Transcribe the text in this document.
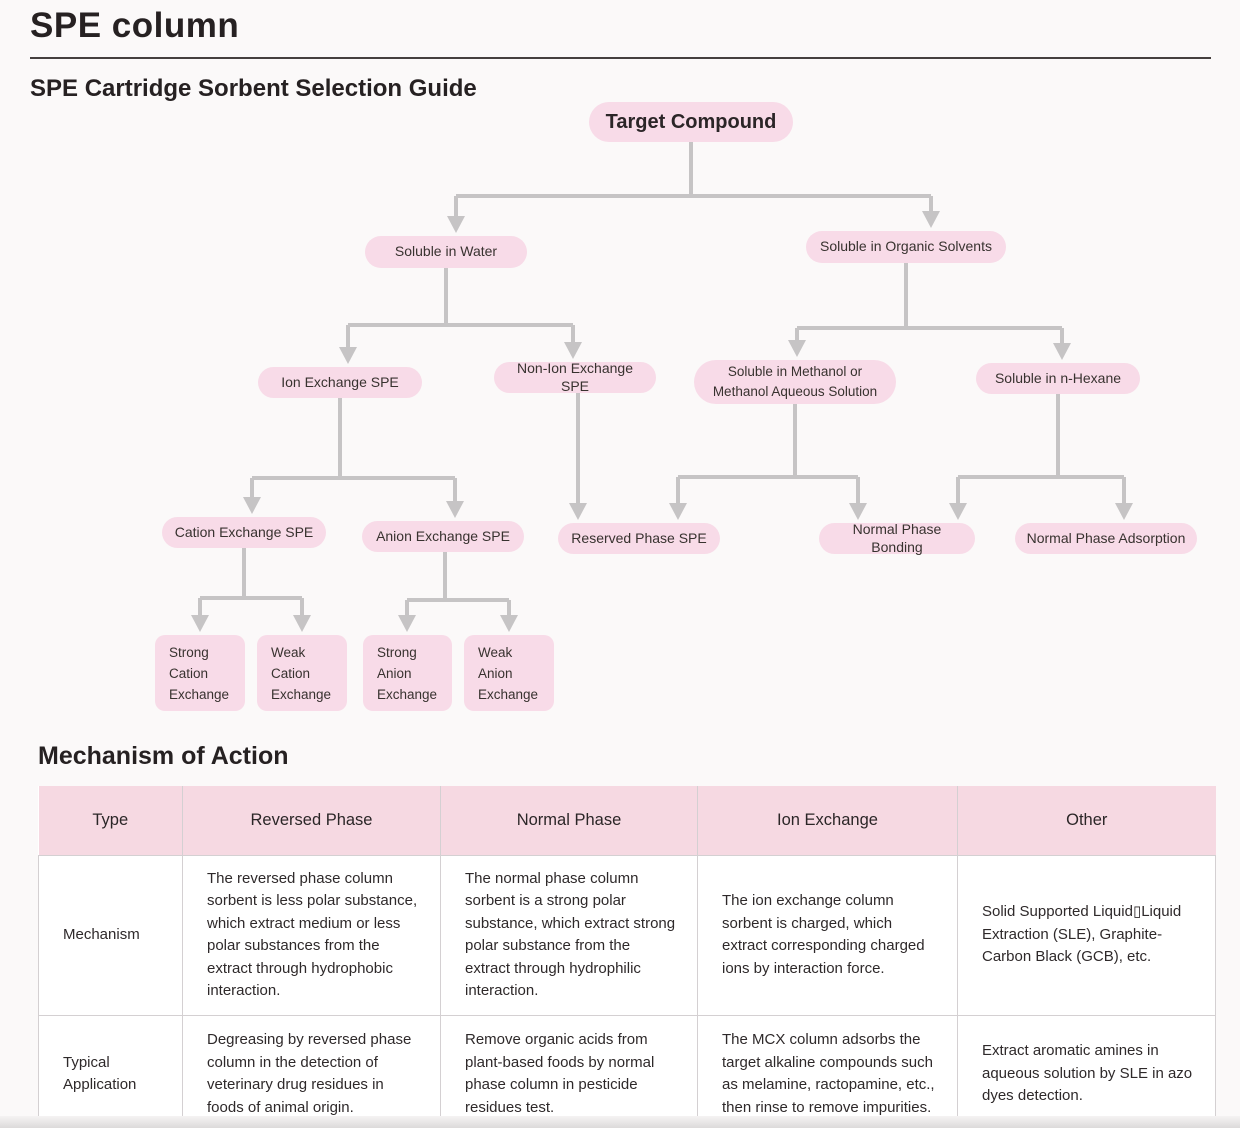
SPE column
SPE Cartridge Sorbent Selection Guide
Target Compound
Soluble in Water	Soluble in Organic Solvents
Ion Exchange SPE
Non-Ion Exchange SPE
Soluble in Methanol or Methanol Aqueous Solution
Soluble in n-Hexane
Cation Exchange SPE	Anion Exchange SPE	Reserved Phase SPE
Normal Phase Bonding
Normal Phase Adsorption
Strong Cation Exchange
Weak Cation Exchange
Strong Anion Exchange
Weak Anion Exchange
Mechanism of Action
Type	Reversed Phase	Normal Phase	Ion Exchange	Other
Mechanism	The reversed phase column sorbent is less polar substance, which extract medium or less polar substances from the extract through hydrophobic interaction.	The normal phase column sorbent is a strong polar substance, which extract strong polar substance from the extract through hydrophilic interaction.	The ion exchange column sorbent is charged, which extract corresponding charged ions by interaction force.	Solid Supported Liquid▯Liquid Extraction (SLE), Graphite-Carbon Black (GCB), etc.
Typical Application	Degreasing by reversed phase column in the detection of veterinary drug residues in foods of animal origin.	Remove organic acids from plant-based foods by normal phase column in pesticide residues test.	The MCX column adsorbs the target alkaline compounds such as melamine, ractopamine, etc., then rinse to remove impurities.	Extract aromatic amines in aqueous solution by SLE in azo dyes detection.
